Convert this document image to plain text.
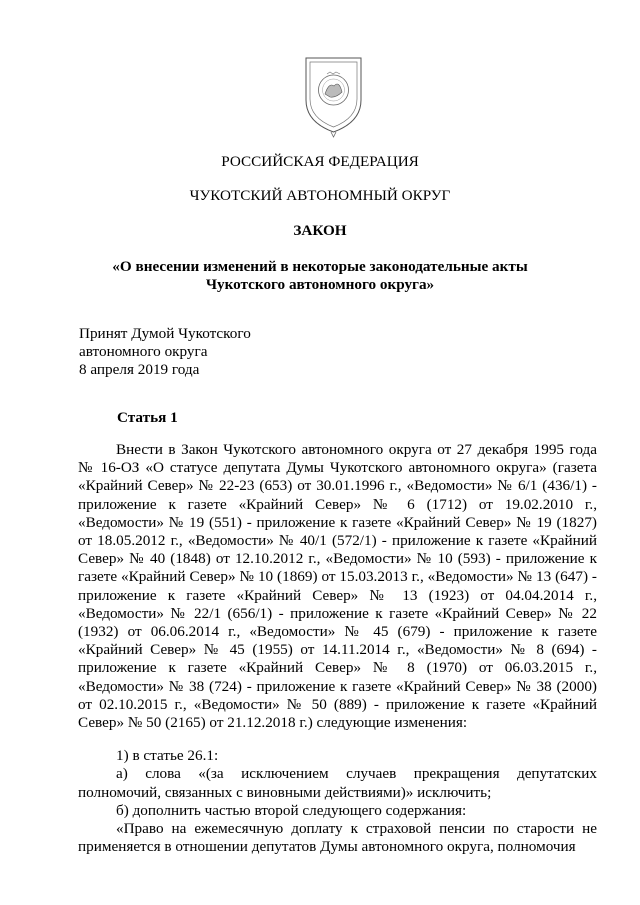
РОССИЙСКАЯ ФЕДЕРАЦИЯ
ЧУКОТСКИЙ АВТОНОМНЫЙ ОКРУГ
ЗАКОН
«О внесении изменений в некоторые законодательные акты
Чукотского автономного округа»
Принят Думой Чукотского
автономного округа
8 апреля 2019 года
Статья 1

Внести в Закон Чукотского автономного округа от 27 декабря 1995 года № 16-ОЗ «О статусе депутата Думы Чукотского автономного округа» (газета «Крайний Север» № 22-23 (653) от 30.01.1996 г., «Ведомости» № 6/1 (436/1) - приложение к газете «Крайний Север» № 6 (1712) от 19.02.2010 г., «Ведомости» № 19 (551) - приложение к газете «Крайний Север» № 19 (1827) от 18.05.2012 г., «Ведомости» № 40/1 (572/1) - приложение к газете «Крайний Север» № 40 (1848) от 12.10.2012 г., «Ведомости» № 10 (593) - приложение к газете «Крайний Север» № 10 (1869) от 15.03.2013 г., «Ведомости» № 13 (647) - приложение к газете «Крайний Север» № 13 (1923) от 04.04.2014 г., «Ведомости» № 22/1 (656/1) - приложение к газете «Крайний Север» № 22 (1932) от 06.06.2014 г., «Ведомости» № 45 (679) - приложение к газете «Крайний Север» № 45 (1955) от 14.11.2014 г., «Ведомости» № 8 (694) - приложение к газете «Крайний Север» № 8 (1970) от 06.03.2015 г., «Ведомости» № 38 (724) - приложение к газете «Крайний Север» № 38 (2000) от 02.10.2015 г., «Ведомости» № 50 (889) - приложение к газете «Крайний Север» № 50 (2165) от 21.12.2018 г.) следующие изменения:

1) в статье 26.1:

а) слова «(за исключением случаев прекращения депутатских полномочий, связанных с виновными действиями)» исключить;

б) дополнить частью второй следующего содержания:

«Право на ежемесячную доплату к страховой пенсии по старости не применяется в отношении депутатов Думы автономного округа, полномочия
